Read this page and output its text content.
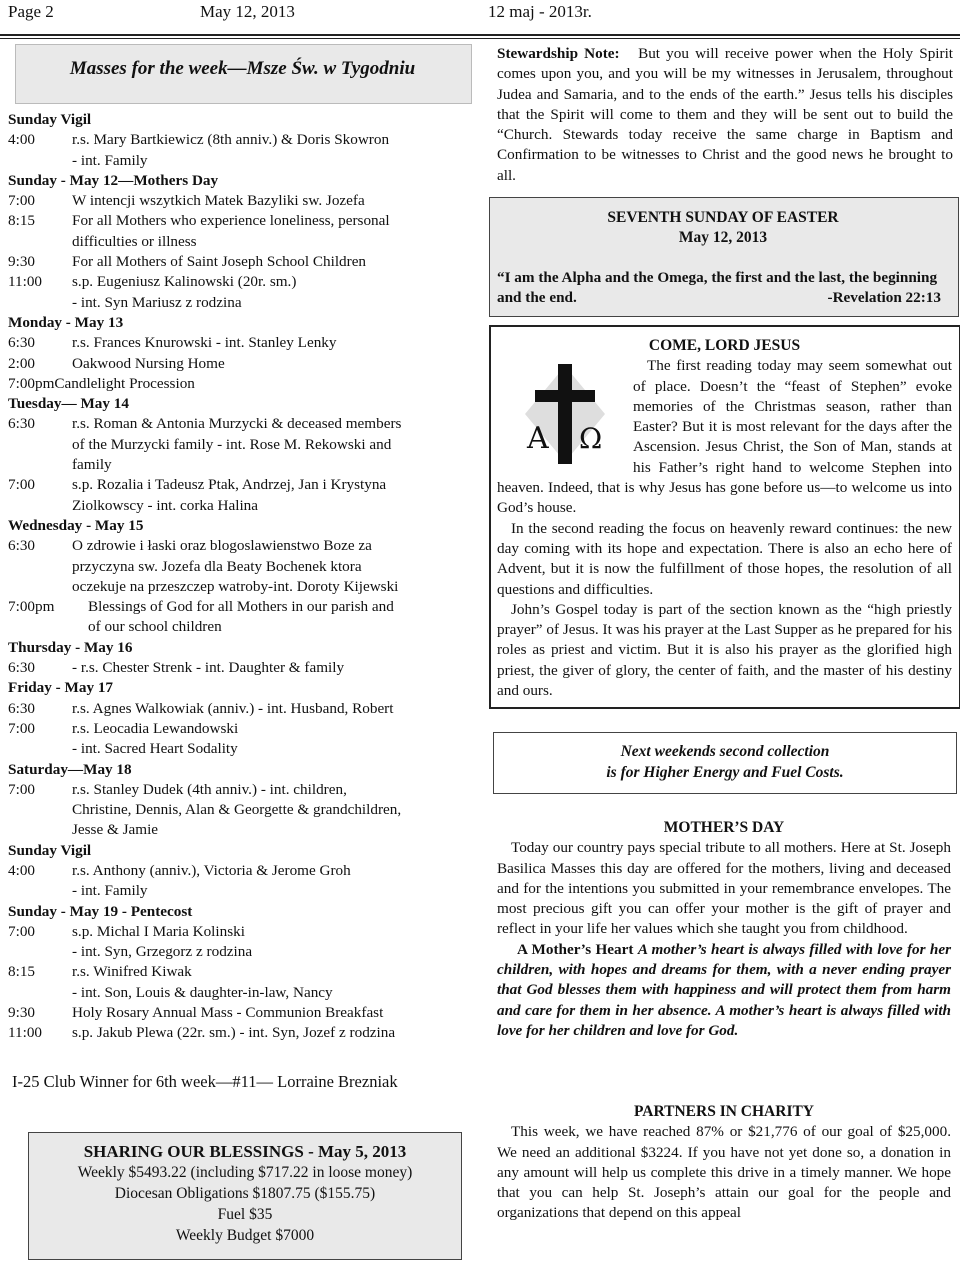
Page 2	May 12, 2013	12 maj - 2013r.
Masses for the week—Msze Św. w Tygodniu
Sunday Vigil
4:00	r.s. Mary Bartkiewicz (8th anniv.) & Doris Skowron
- int. Family
Sunday - May 12—Mothers Day
7:00	W intencji wszytkich Matek Bazyliki sw. Jozefa
8:15	For all Mothers who experience loneliness, personal
difficulties or illness
9:30	For all Mothers of Saint Joseph School Children
11:00	s.p. Eugeniusz Kalinowski (20r. sm.)
- int. Syn Mariusz z rodzina
Monday - May 13
6:30	r.s. Frances Knurowski - int. Stanley Lenky
2:00	Oakwood Nursing Home
7:00pmCandlelight Procession
Tuesday— May 14
6:30	r.s. Roman & Antonia Murzycki & deceased members
of the Murzycki family - int. Rose M. Rekowski and
family
7:00	s.p. Rozalia i Tadeusz Ptak, Andrzej, Jan i Krystyna
Ziolkowscy - int. corka Halina
Wednesday - May 15
6:30	O zdrowie i łaski oraz blogoslawienstwo Boze za
przyczyna sw. Jozefa dla Beaty Bochenek ktora
oczekuje na przeszczep watroby-int. Doroty Kijewski
7:00pm	Blessings of God for all Mothers in our parish and
of our school children
Thursday - May 16
6:30	- r.s. Chester Strenk - int. Daughter & family
Friday - May 17
6:30	r.s. Agnes Walkowiak (anniv.) - int. Husband, Robert
7:00	r.s. Leocadia Lewandowski
- int. Sacred Heart Sodality
Saturday—May 18
7:00	r.s. Stanley Dudek (4th anniv.) - int. children,
Christine, Dennis, Alan & Georgette & grandchildren,
Jesse & Jamie
Sunday Vigil
4:00	r.s. Anthony (anniv.), Victoria & Jerome Groh
- int. Family
Sunday - May 19 - Pentecost
7:00	s.p. Michal I Maria Kolinski
- int. Syn, Grzegorz z rodzina
8:15	r.s. Winifred Kiwak
- int. Son, Louis & daughter-in-law, Nancy
9:30	Holy Rosary Annual Mass - Communion Breakfast
11:00	s.p. Jakub Plewa (22r. sm.) - int. Syn, Jozef z rodzina
I-25 Club Winner for 6th week—#11— Lorraine Brezniak
SHARING OUR BLESSINGS - May 5, 2013
Weekly $5493.22 (including $717.22 in loose money)
Diocesan Obligations $1807.75 ($155.75)
Fuel $35
Weekly Budget $7000

Stewardship Note: But you will receive power when the Holy Spirit comes upon you, and you will be my witnesses in Jerusalem, throughout Judea and Samaria, and to the ends of the earth.” Jesus tells his disciples that the Spirit will come to them and they will be sent out to build the “Church. Stewards today receive the same charge in Baptism and Confirmation to be witnesses to Christ and the good news he brought to all.

SEVENTH SUNDAY OF EASTER
May 12, 2013
“I am the Alpha and the Omega, the first and the last, the beginning and the end.	-Revelation 22:13
COME, LORD JESUS
A Ω
The first reading today may seem somewhat out of place. Doesn’t the “feast of Stephen” evoke memories of the Christmas season, rather than Easter? But it is most relevant for the days after the Ascension. Jesus Christ, the Son of Man, stands at his Father’s right hand to welcome Stephen into heaven. Indeed, that is why Jesus has gone before us—to welcome us into God’s house.
In the second reading the focus on heavenly reward continues: the new day coming with its hope and expectation. There is also an echo here of Advent, but it is now the fulfillment of those hopes, the resolution of all questions and difficulties.
John’s Gospel today is part of the section known as the “high priestly prayer” of Jesus. It was his prayer at the Last Supper as he prepared for his roles as priest and victim. But it is also his prayer as the glorified high priest, the giver of glory, the center of faith, and the master of his destiny and ours.
Next weekends second collection
is for Higher Energy and Fuel Costs.
MOTHER’S DAY
Today our country pays special tribute to all mothers. Here at St. Joseph Basilica Masses this day are offered for the mothers, living and deceased and for the intentions you submitted in your remembrance envelopes. The most precious gift you can offer your mother is the gift of prayer and reflect in your life her values which she taught you from childhood.
A Mother’s Heart A mother’s heart is always filled with love for her children, with hopes and dreams for them, with a never ending prayer that God blesses them with happiness and will protect them from harm and care for them in her absence. A mother’s heart is always filled with love for her children and love for God.
PARTNERS IN CHARITY
This week, we have reached 87% or $21,776 of our goal of $25,000. We need an additional $3224. If you have not yet done so, a donation in any amount will help us complete this drive in a timely manner. We hope that you can help St. Joseph’s attain our goal for the people and organizations that depend on this appeal
